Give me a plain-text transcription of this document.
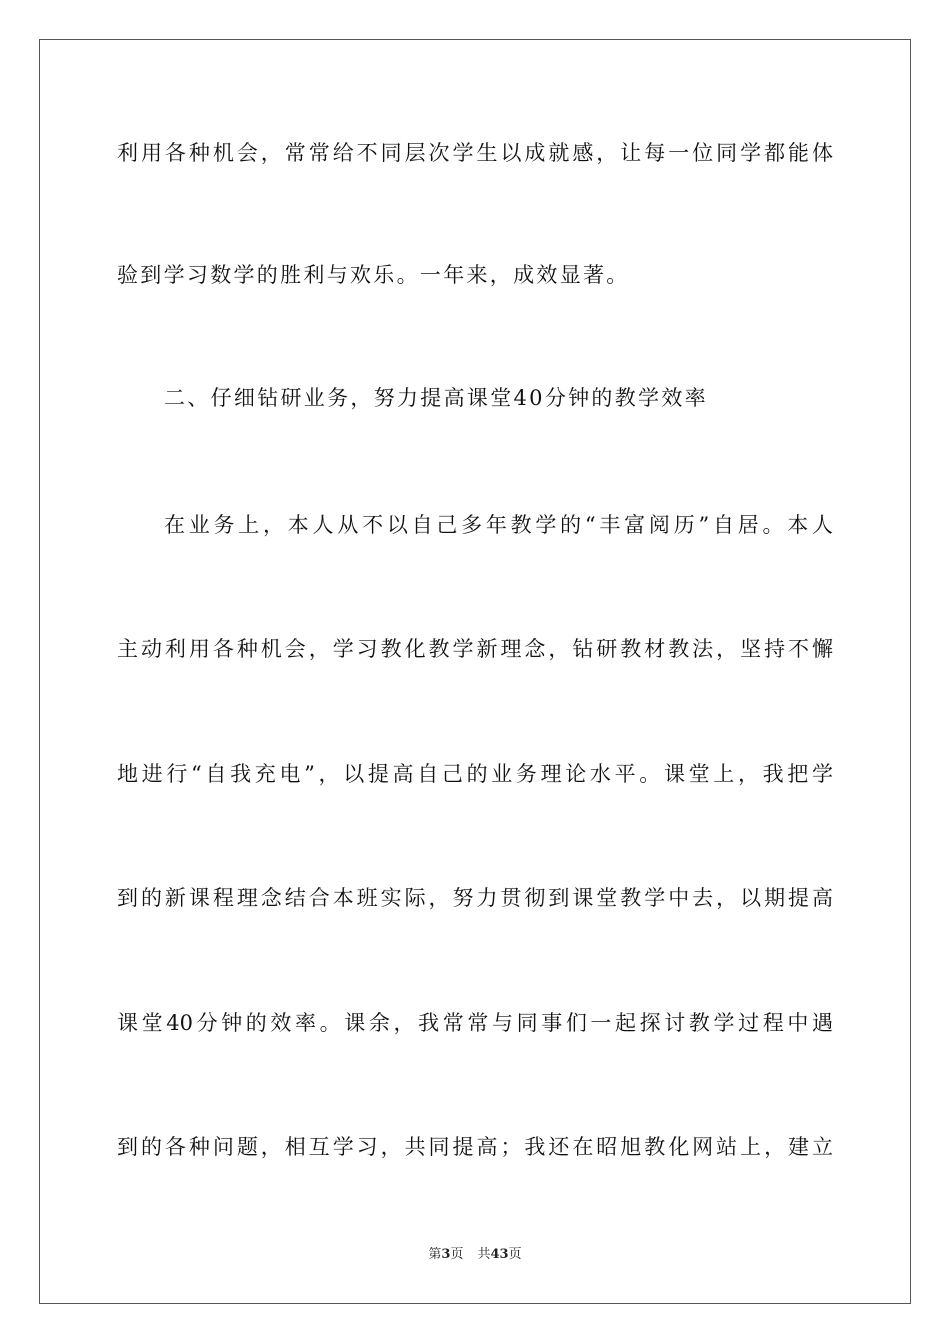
利用各种机会，常常给不同层次学生以成就感，让每一位同学都能体
验到学习数学的胜利与欢乐。一年来，成效显著。
二、仔细钻研业务，努力提高课堂40分钟的教学效率
在业务上，本人从不以自己多年教学的“丰富阅历”自居。本人
主动利用各种机会，学习教化教学新理念，钻研教材教法，坚持不懈
地进行“自我充电”，以提高自己的业务理论水平。课堂上，我把学
到的新课程理念结合本班实际，努力贯彻到课堂教学中去，以期提高
课堂40分钟的效率。课余，我常常与同事们一起探讨教学过程中遇
到的各种问题，相互学习，共同提高；我还在昭旭教化网站上，建立
第3页 共43页
